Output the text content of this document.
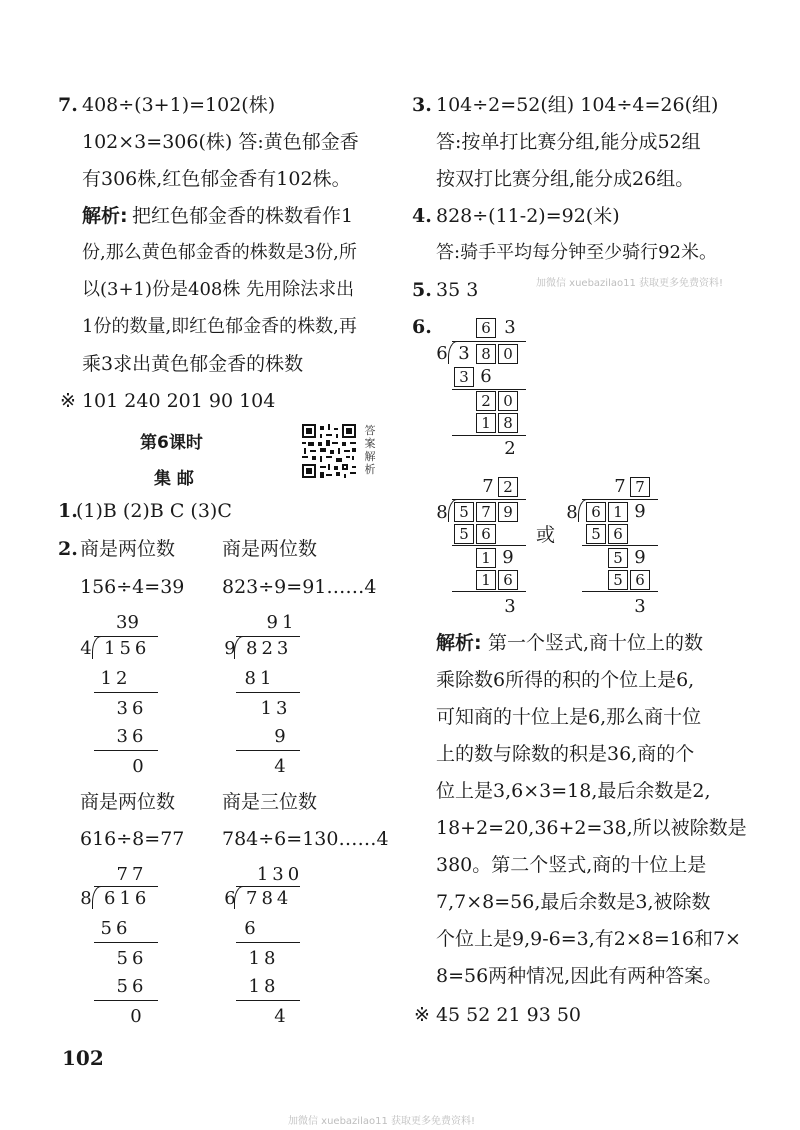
7. 408÷(3+1)=102(株)
102×3=306(株) 答:黄色郁金香
有306株,红色郁金香有102株。
解析: 把红色郁金香的株数看作1
份,那么黄色郁金香的株数是3份,所
以(3+1)份是408株 先用除法求出
1份的数量,即红色郁金香的株数,再
乘3求出黄色郁金香的株数
※ 101 240 201 90 104
第6课时
集 邮
答
案
解
析
1.
(1)B (2)B C (3)C
2. 商是两位数 商是两位数
156÷4=39 823÷9=91……4
39
4 156
12
36
36
0
91
9 823
81
13
9
4
商是两位数 商是三位数
616÷8=77 784÷6=130……4
77
8 616
56
56
56
0
130
6 784
6
18
18
4
102
3. 104÷2=52(组) 104÷4=26(组)
答:按单打比赛分组,能分成52组
按双打比赛分组,能分成26组。
4. 828÷(11-2)=92(米)
答:骑手平均每分钟至少骑行92米。
加微信 xuebazilao11 获取更多免费资料!
5. 35 3
6.	6 3
6 3 8 0
3 6
2 0
1 8
2
7 2
8 5 7 9
5 6
1 9
1 6
3
或
7 7
8 6 1 9
5 6
5 9
5 6
3
解析: 第一个竖式,商十位上的数
乘除数6所得的积的个位上是6,
可知商的十位上是6,那么商十位
上的数与除数的积是36,商的个
位上是3,6×3=18,最后余数是2,
18+2=20,36+2=38,所以被除数是
380。第二个竖式,商的十位上是
7,7×8=56,最后余数是3,被除数
个位上是9,9-6=3,有2×8=16和7×
8=56两种情况,因此有两种答案。
※ 45 52 21 93 50
加微信 xuebazilao11 获取更多免费资料!
